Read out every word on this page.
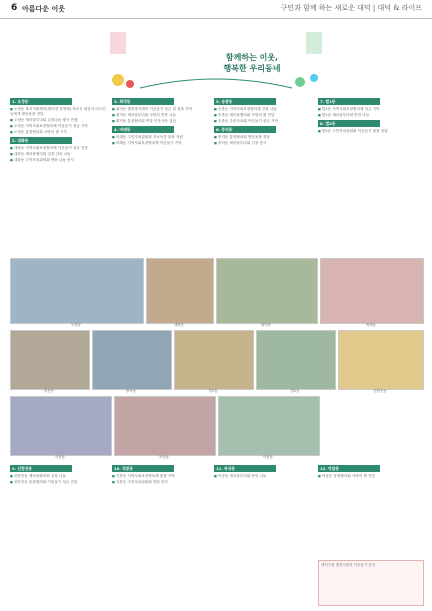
6 아름다운 이웃	구민과 함께 하는 새로운 대덕 | 대덕 & 라이프
함께하는 이웃,
행복한 우리동네
1. 오정동

■ 오정동 복지지원센터(센터장 강정혜) 저소득 대상자 어르신들에게 방한용품 전달

■ 오정동 새마을부녀회 김장나눔 행사 진행

■ 오정동 지역사회보장협의체 이웃돕기 성금 기탁

■ 오정동 통장협의회 사랑의 쌀 기부

2. 대화동

■ 대화동 지역사회보장협의체 이웃돕기 성금 전달

■ 대화동 새마을협의회 김장 김치 나눔

■ 대화동 주민자치위원회 연탄 나눔 봉사

3. 회덕동

■ 회덕동 행정복지센터 이웃돕기 성금 및 물품 기탁

■ 회덕동 새마을부녀회 사랑의 반찬 나눔

■ 회덕동 통장협의회 연말 이웃사랑 실천

4. 비래동

■ 비래동 주민자치위원회 저소득층 물품 지원

■ 비래동 지역사회보장협의체 이웃돕기 기탁

5. 송촌동

■ 송촌동 지역사회보장협의체 김장 나눔

■ 송촌동 새마을협의회 사랑의 쌀 전달

■ 송촌동 주민자치회 이웃돕기 성금 기탁

6. 중리동

■ 중리동 통장협의회 방한용품 전달

■ 중리동 새마을부녀회 김장 봉사

7. 법1동

■ 법1동 지역사회보장협의체 성금 기탁

■ 법1동 새마을부녀회 반찬 나눔

8. 법2동

■ 법2동 주민자치위원회 이웃돕기 물품 전달

오정동	대화동	회덕동	비래동
송촌동	중리동	법1동	법2동	신탄진동
석봉동	목상동	덕암동
9. 신탄진동

■ 신탄진동 새마을협의회 김장 나눔

■ 신탄진동 통장협의회 이웃돕기 성금 전달

10. 석봉동

■ 석봉동 지역사회보장협의체 물품 기탁

■ 석봉동 주민자치위원회 연탄 봉사

11. 목상동

■ 목상동 새마을부녀회 반찬 나눔

12. 덕암동

■ 덕암동 통장협의회 사랑의 쌀 전달

대덕구청 행정지원과 이웃돕기 문의
